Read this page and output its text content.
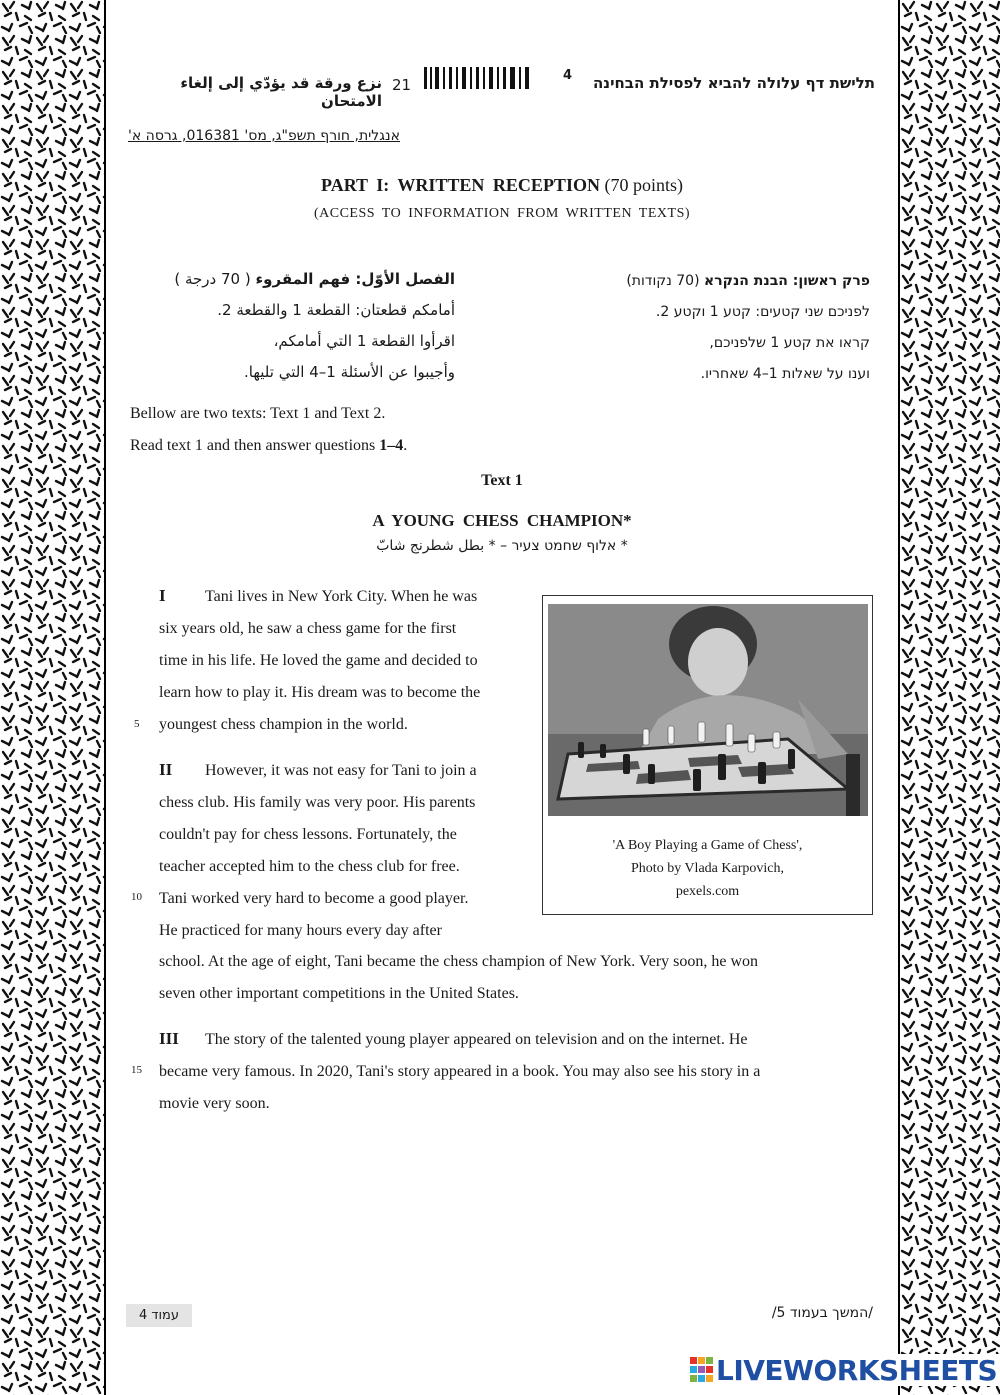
תלישת דף עלולה להביא לפסילת הבחינה
4
21
نزع ورقة قد يؤدّي إلى إلغاء الامتحان
אנגלית, חורף תשפ"ג, מס' 016381, גרסה א'
PART I: WRITTEN RECEPTION (70 points)
(ACCESS TO INFORMATION FROM WRITTEN TEXTS)
פרק ראשון: הבנת הנקרא (70 נקודות)
לפניכם שני קטעים: קטע 1 וקטע 2.
קראו את קטע 1 שלפניכם,
וענו על שאלות 1–4 שאחריו.
الفصل الأوّل: فهم المقروء ( 70 درجة )
أمامكم قطعتان: القطعة 1 والقطعة 2.
اقرأوا القطعة 1 التي أمامكم،
وأجيبوا عن الأسئلة 1–4 التي تليها.
Bellow are two texts: Text 1 and Text 2.
Read text 1 and then answer questions 1–4.
Text 1
A YOUNG CHESS CHAMPION*
* אלוף שחמט צעיר – * بطل شطرنج شابّ
I Tani lives in New York City. When he was
six years old, he saw a chess game for the first
time in his life. He loved the game and decided to
learn how to play it. His dream was to become the
youngest chess champion in the world.
5
II However, it was not easy for Tani to join a
chess club. His family was very poor. His parents
couldn't pay for chess lessons. Fortunately, the
teacher accepted him to the chess club for free.
Tani worked very hard to become a good player.
He practiced for many hours every day after
school. At the age of eight, Tani became the chess champion of New York. Very soon, he won
seven other important competitions in the United States.
10
III The story of the talented young player appeared on television and on the internet. He
became very famous. In 2020, Tani's story appeared in a book. You may also see his story in a
movie very soon.
15
'A Boy Playing a Game of Chess',
Photo by Vlada Karpovich,
pexels.com
עמוד 4	/המשך בעמוד 5/
LIVEWORKSHEETS
